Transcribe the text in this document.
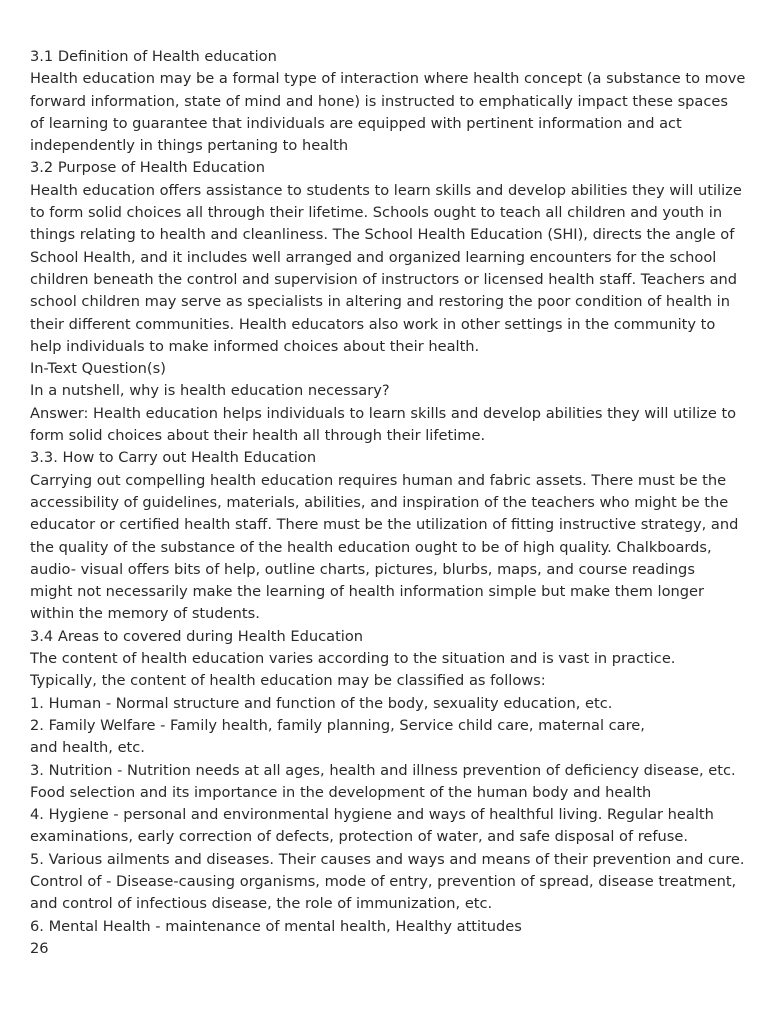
3.1 Definition of Health education
Health education may be a formal type of interaction where health concept (a substance to move
forward information, state of mind and hone) is instructed to emphatically impact these spaces
of learning to guarantee that individuals are equipped with pertinent information and act
independently in things pertaning to health
3.2 Purpose of Health Education
Health education offers assistance to students to learn skills and develop abilities they will utilize
to form solid choices all through their lifetime. Schools ought to teach all children and youth in
things relating to health and cleanliness. The School Health Education (SHI), directs the angle of
School Health, and it includes well arranged and organized learning encounters for the school
children beneath the control and supervision of instructors or licensed health staff. Teachers and
school children may serve as specialists in altering and restoring the poor condition of health in
their different communities. Health educators also work in other settings in the community to
help individuals to make informed choices about their health.
In-Text Question(s)
In a nutshell, why is health education necessary?
Answer: Health education helps individuals to learn skills and develop abilities they will utilize to
form solid choices about their health all through their lifetime.
3.3. How to Carry out Health Education
Carrying out compelling health education requires human and fabric assets. There must be the
accessibility of guidelines, materials, abilities, and inspiration of the teachers who might be the
educator or certified health staff. There must be the utilization of fitting instructive strategy, and
the quality of the substance of the health education ought to be of high quality. Chalkboards,
audio- visual offers bits of help, outline charts, pictures, blurbs, maps, and course readings
might not necessarily make the learning of health information simple but make them longer
within the memory of students.
3.4 Areas to covered during Health Education
The content of health education varies according to the situation and is vast in practice.
Typically, the content of health education may be classified as follows:
1. Human - Normal structure and function of the body, sexuality education, etc.
2. Family Welfare - Family health, family planning, Service child care, maternal care,
and health, etc.
3. Nutrition - Nutrition needs at all ages, health and illness prevention of deficiency disease, etc.
Food selection and its importance in the development of the human body and health
4. Hygiene - personal and environmental hygiene and ways of healthful living. Regular health
examinations, early correction of defects, protection of water, and safe disposal of refuse.
5. Various ailments and diseases. Their causes and ways and means of their prevention and cure.
Control of - Disease-causing organisms, mode of entry, prevention of spread, disease treatment,
and control of infectious disease, the role of immunization, etc.
6. Mental Health - maintenance of mental health, Healthy attitudes
26
